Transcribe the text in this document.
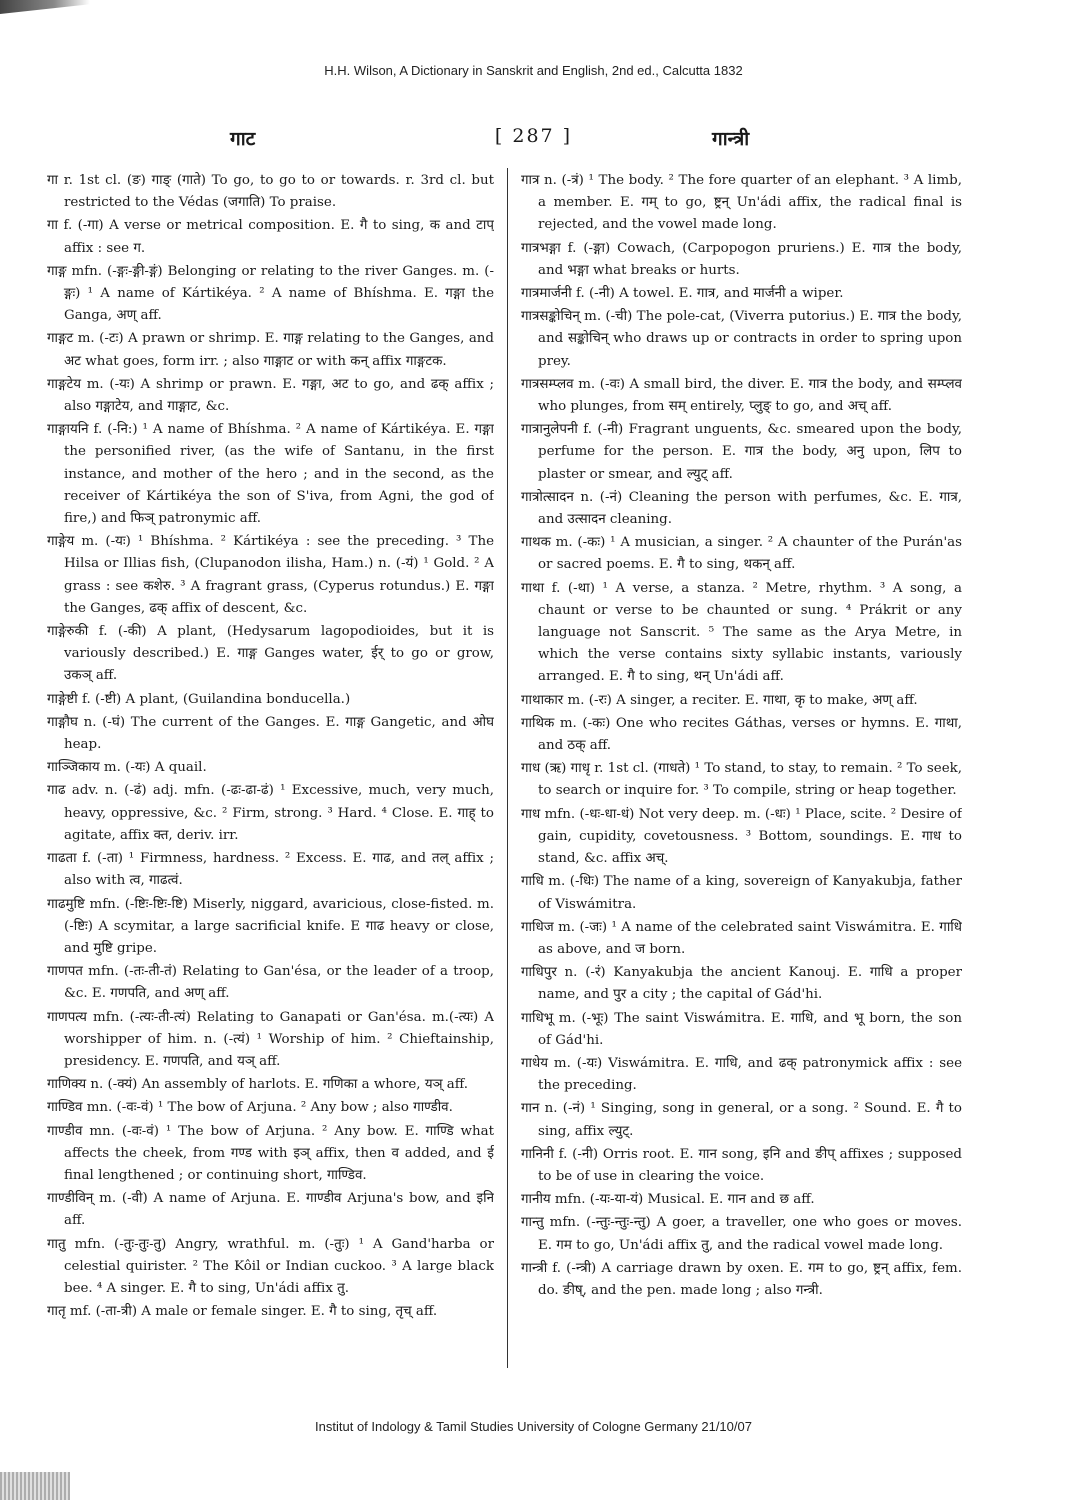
H.H. Wilson, A Dictionary in Sanskrit and English, 2nd ed., Calcutta 1832
गाट	[ 287 ]	गान्त्री

गा r. 1st cl. (ङ) गाङ् (गाते) To go, to go to or towards. r. 3rd cl. but restricted to the Védas (जगाति) To praise.

गा f. (-गा) A verse or metrical composition. E. गै to sing, क and टाप् affix : see ग.

गाङ्ग mfn. (-ङ्गः-ङ्गी-ङ्गं) Belonging or relating to the river Ganges. m. (-ङ्गः) ¹ A name of Kártikéya. ² A name of Bhíshma. E. गङ्गा the Ganga, अण् aff.

गाङ्गट m. (-टः) A prawn or shrimp. E. गाङ्ग relating to the Ganges, and अट what goes, form irr. ; also गाङ्गाट or with कन् affix गाङ्गटक.

गाङ्गटेय m. (-यः) A shrimp or prawn. E. गङ्गा, अट to go, and ढक् affix ; also गङ्गाटेय, and गाङ्गाट, &c.

गाङ्गायनि f. (-नि:) ¹ A name of Bhíshma. ² A name of Kártikéya. E. गङ्गा the personified river, (as the wife of Santanu, in the first instance, and mother of the hero ; and in the second, as the receiver of Kártikéya the son of S'iva, from Agni, the god of fire,) and फिञ् patronymic aff.

गाङ्गेय m. (-यः) ¹ Bhíshma. ² Kártikéya : see the preceding. ³ The Hilsa or Illias fish, (Clupanodon ilisha, Ham.) n. (-यं) ¹ Gold. ² A grass : see कशेरु. ³ A fragrant grass, (Cyperus rotundus.) E. गङ्गा the Ganges, ढक् affix of descent, &c.

गाङ्गेरुकी f. (-की) A plant, (Hedysarum lagopodioides, but it is variously described.) E. गाङ्ग Ganges water, ईर् to go or grow, उकञ् aff.

गाङ्गेष्टी f. (-ष्टी) A plant, (Guilandina bonducella.)

गाङ्गौघ n. (-घं) The current of the Ganges. E. गाङ्ग Gangetic, and ओघ heap.

गाञ्जिकाय m. (-यः) A quail.

गाढ adv. n. (-ढं) adj. mfn. (-ढः-ढा-ढं) ¹ Excessive, much, very much, heavy, oppressive, &c. ² Firm, strong. ³ Hard. ⁴ Close. E. गाह् to agitate, affix क्त, deriv. irr.

गाढता f. (-ता) ¹ Firmness, hardness. ² Excess. E. गाढ, and तल् affix ; also with त्व, गाढत्वं.

गाढमुष्टि mfn. (-ष्टिः-ष्टिः-ष्टि) Miserly, niggard, avaricious, close-fisted. m. (-ष्टिः) A scymitar, a large sacrificial knife. E गाढ heavy or close, and मुष्टि gripe.

गाणपत mfn. (-तः-ती-तं) Relating to Gan'ésa, or the leader of a troop, &c. E. गणपति, and अण् aff.

गाणपत्य mfn. (-त्यः-ती-त्यं) Relating to Ganapati or Gan'ésa. m.(-त्यः) A worshipper of him. n. (-त्यं) ¹ Worship of him. ² Chieftainship, presidency. E. गणपति, and यञ् aff.

गाणिक्य n. (-क्यं) An assembly of harlots. E. गणिका a whore, यञ् aff.

गाण्डिव mn. (-वः-वं) ¹ The bow of Arjuna. ² Any bow ; also गाण्डीव.

गाण्डीव mn. (-वः-वं) ¹ The bow of Arjuna. ² Any bow. E. गाण्डि what affects the cheek, from गण्ड with इञ् affix, then व added, and ई final lengthened ; or continuing short, गाण्डिव.

गाण्डीविन् m. (-वी) A name of Arjuna. E. गाण्डीव Arjuna's bow, and इनि aff.

गातु mfn. (-तुः-तुः-तु) Angry, wrathful. m. (-तुः) ¹ A Gand'harba or celestial quirister. ² The Kôil or Indian cuckoo. ³ A large black bee. ⁴ A singer. E. गै to sing, Un'ádi affix तु.

गातृ mf. (-ता-त्री) A male or female singer. E. गै to sing, तृच् aff.

गात्र n. (-त्रं) ¹ The body. ² The fore quarter of an elephant. ³ A limb, a member. E. गम् to go, ष्ट्रन् Un'ádi affix, the radical final is rejected, and the vowel made long.

गात्रभङ्गा f. (-ङ्गा) Cowach, (Carpopogon pruriens.) E. गात्र the body, and भङ्गा what breaks or hurts.

गात्रमार्जनी f. (-नी) A towel. E. गात्र, and मार्जनी a wiper.

गात्रसङ्कोचिन् m. (-ची) The pole-cat, (Viverra putorius.) E. गात्र the body, and सङ्कोचिन् who draws up or contracts in order to spring upon prey.

गात्रसम्प्लव m. (-वः) A small bird, the diver. E. गात्र the body, and सम्प्लव who plunges, from सम् entirely, प्लुङ् to go, and अच् aff.

गात्रानुलेपनी f. (-नी) Fragrant unguents, &c. smeared upon the body, perfume for the person. E. गात्र the body, अनु upon, लिप to plaster or smear, and ल्युट् aff.

गात्रोत्सादन n. (-नं) Cleaning the person with perfumes, &c. E. गात्र, and उत्सादन cleaning.

गाथक m. (-कः) ¹ A musician, a singer. ² A chaunter of the Purán'as or sacred poems. E. गै to sing, थकन् aff.

गाथा f. (-था) ¹ A verse, a stanza. ² Metre, rhythm. ³ A song, a chaunt or verse to be chaunted or sung. ⁴ Prákrit or any language not Sanscrit. ⁵ The same as the Arya Metre, in which the verse contains sixty syllabic instants, variously arranged. E. गै to sing, थन् Un'ádi aff.

गाथाकार m. (-रः) A singer, a reciter. E. गाथा, कृ to make, अण् aff.

गाथिक m. (-कः) One who recites Gáthas, verses or hymns. E. गाथा, and ठक् aff.

गाध (ऋ) गाधृ r. 1st cl. (गाधते) ¹ To stand, to stay, to remain. ² To seek, to search or inquire for. ³ To compile, string or heap together.

गाध mfn. (-धः-धा-धं) Not very deep. m. (-धः) ¹ Place, scite. ² Desire of gain, cupidity, covetousness. ³ Bottom, soundings. E. गाध to stand, &c. affix अच्.

गाधि m. (-धिः) The name of a king, sovereign of Kanyakubja, father of Viswámitra.

गाधिज m. (-जः) ¹ A name of the celebrated saint Viswámitra. E. गाधि as above, and ज born.

गाधिपुर n. (-रं) Kanyakubja the ancient Kanouj. E. गाधि a proper name, and पुर a city ; the capital of Gád'hi.

गाधिभू m. (-भूः) The saint Viswámitra. E. गाधि, and भू born, the son of Gád'hi.

गाधेय m. (-यः) Viswámitra. E. गाधि, and ढक् patronymick affix : see the preceding.

गान n. (-नं) ¹ Singing, song in general, or a song. ² Sound. E. गै to sing, affix ल्युट्.

गानिनी f. (-नी) Orris root. E. गान song, इनि and ङीप् affixes ; supposed to be of use in clearing the voice.

गानीय mfn. (-यः-या-यं) Musical. E. गान and छ aff.

गान्तु mfn. (-न्तुः-न्तुः-न्तु) A goer, a traveller, one who goes or moves. E. गम to go, Un'ádi affix तु, and the radical vowel made long.

गान्त्री f. (-न्त्री) A carriage drawn by oxen. E. गम to go, ष्ट्रन् affix, fem. do. ङीष्, and the pen. made long ; also गन्त्री.

Institut of Indology & Tamil Studies University of Cologne Germany 21/10/07
